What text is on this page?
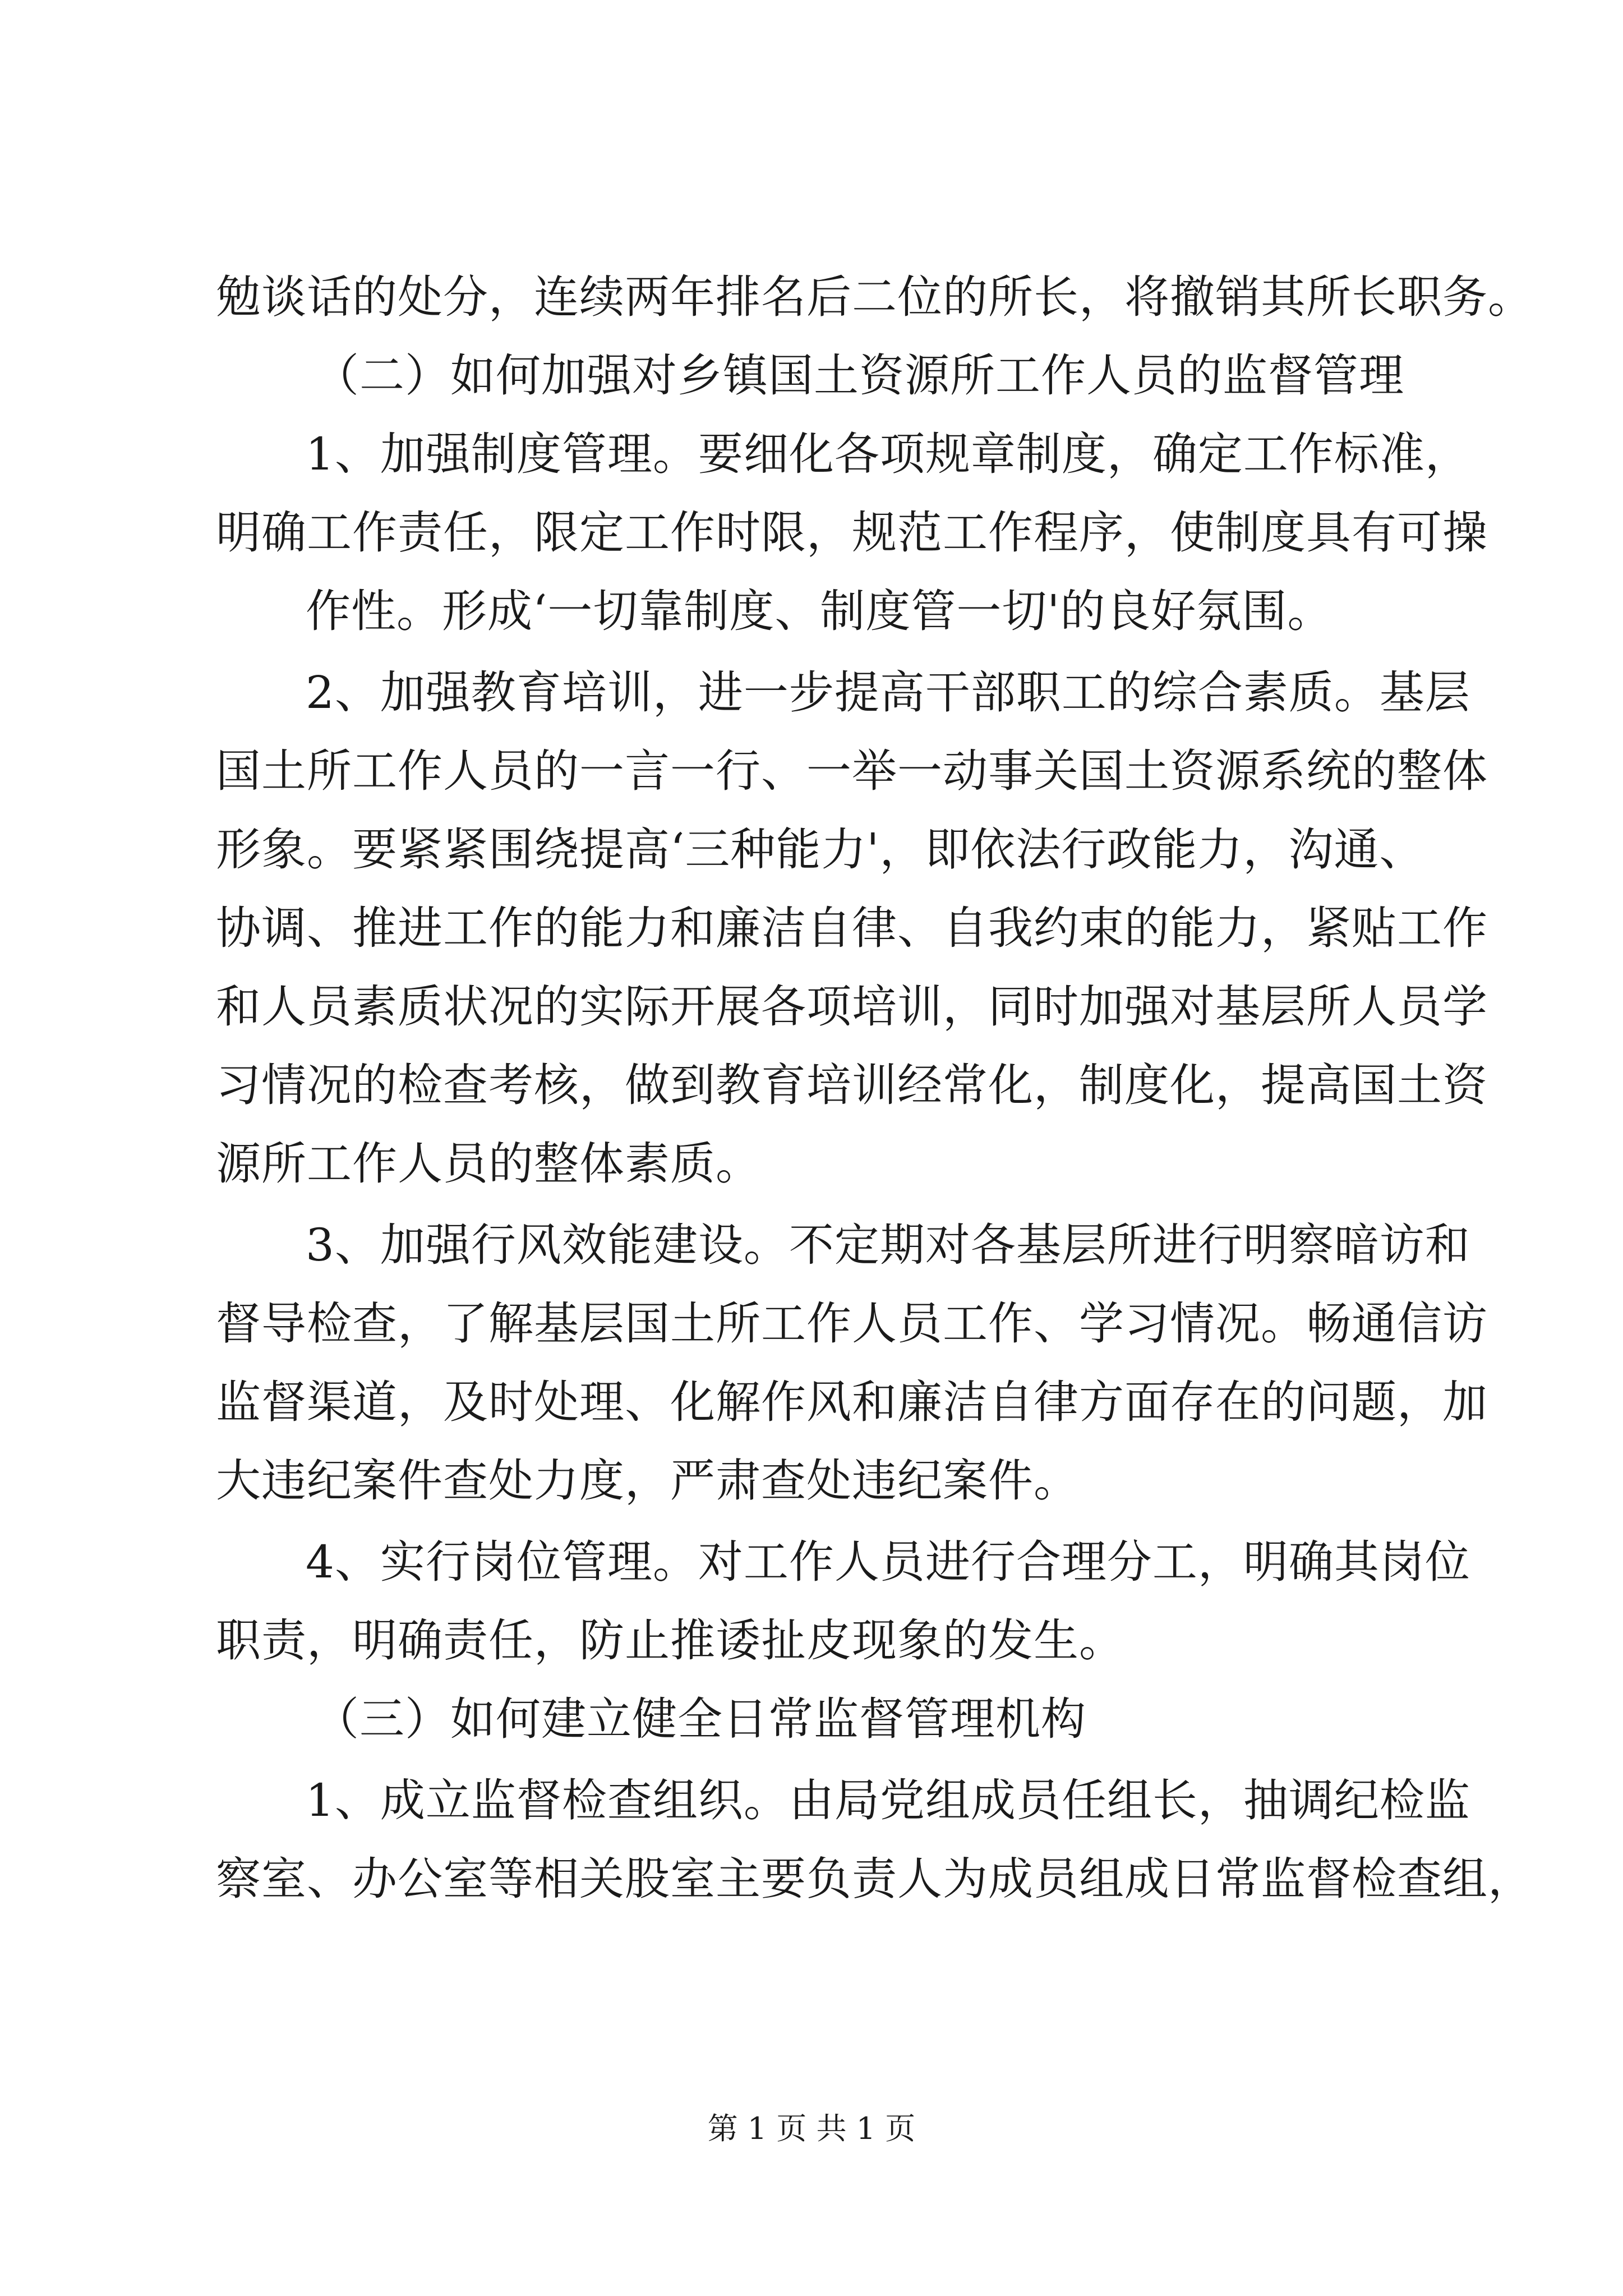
勉谈话的处分，连续两年排名后二位的所长，将撤销其所长职务。
（二）如何加强对乡镇国土资源所工作人员的监督管理
1、加强制度管理。要细化各项规章制度，确定工作标准，
明确工作责任，限定工作时限，规范工作程序，使制度具有可操
作性。形成‘一切靠制度、制度管一切'的良好氛围。
2、加强教育培训，进一步提高干部职工的综合素质。基层
国土所工作人员的一言一行、一举一动事关国土资源系统的整体
形象。要紧紧围绕提高‘三种能力'，即依法行政能力，沟通、
协调、推进工作的能力和廉洁自律、自我约束的能力，紧贴工作
和人员素质状况的实际开展各项培训，同时加强对基层所人员学
习情况的检查考核，做到教育培训经常化，制度化，提高国土资
源所工作人员的整体素质。
3、加强行风效能建设。不定期对各基层所进行明察暗访和
督导检查，了解基层国土所工作人员工作、学习情况。畅通信访
监督渠道，及时处理、化解作风和廉洁自律方面存在的问题，加
大违纪案件查处力度，严肃查处违纪案件。
4、实行岗位管理。对工作人员进行合理分工，明确其岗位
职责，明确责任，防止推诿扯皮现象的发生。
（三）如何建立健全日常监督管理机构
1、成立监督检查组织。由局党组成员任组长，抽调纪检监
察室、办公室等相关股室主要负责人为成员组成日常监督检查组，
第 1 页 共 1 页
